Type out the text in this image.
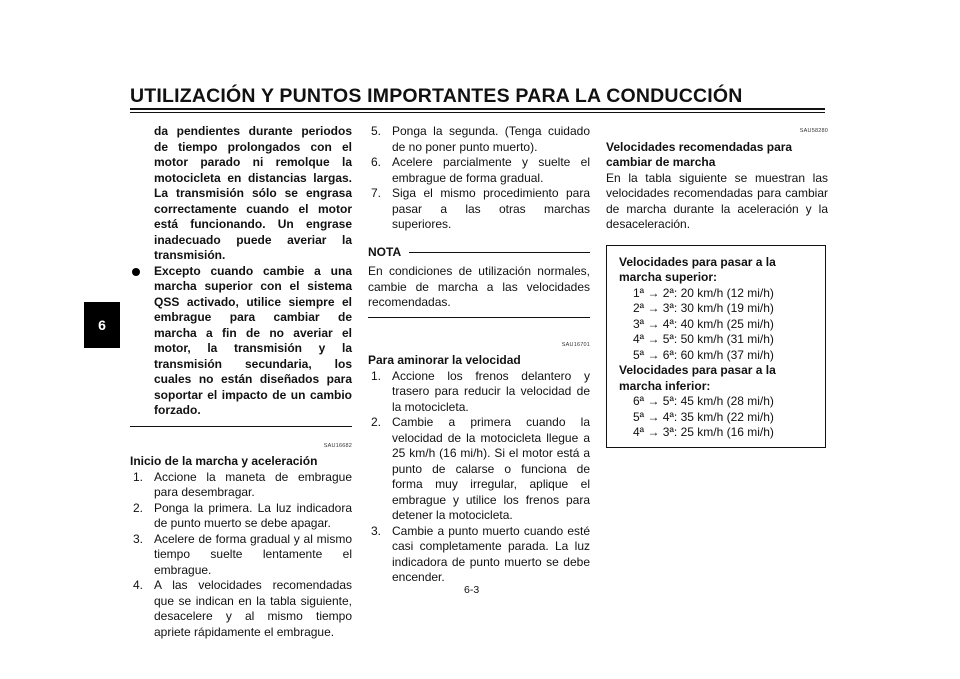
UTILIZACIÓN Y PUNTOS IMPORTANTES PARA LA CONDUCCIÓN
6
da pendientes durante periodos de tiempo prolongados con el motor parado ni remolque la motocicleta en distancias largas. La transmisión sólo se engrasa correctamente cuando el motor está funcionando. Un engrase inadecuado puede averiar la transmisión.
Excepto cuando cambie a una marcha superior con el sistema QSS activado, utilice siempre el embrague para cambiar de marcha a fin de no averiar el motor, la transmisión y la transmisión secundaria, los cuales no están diseñados para soportar el impacto de un cambio forzado.
SAU16682
Inicio de la marcha y aceleración
1. Accione la maneta de embrague para desembragar.
2. Ponga la primera. La luz indicadora de punto muerto se debe apagar.
3. Acelere de forma gradual y al mismo tiempo suelte lentamente el embrague.
4. A las velocidades recomendadas que se indican en la tabla siguiente, desacelere y al mismo tiempo apriete rápidamente el embrague.
5. Ponga la segunda. (Tenga cuidado de no poner punto muerto).
6. Acelere parcialmente y suelte el embrague de forma gradual.
7. Siga el mismo procedimiento para pasar a las otras marchas superiores.
NOTA
En condiciones de utilización normales, cambie de marcha a las velocidades recomendadas.
SAU16701
Para aminorar la velocidad
1. Accione los frenos delantero y trasero para reducir la velocidad de la motocicleta.
2. Cambie a primera cuando la velocidad de la motocicleta llegue a 25 km/h (16 mi/h). Si el motor está a punto de calarse o funciona de forma muy irregular, aplique el embrague y utilice los frenos para detener la motocicleta.
3. Cambie a punto muerto cuando esté casi completamente parada. La luz indicadora de punto muerto se debe encender.
SAU58280
Velocidades recomendadas para cambiar de marcha
En la tabla siguiente se muestran las velocidades recomendadas para cambiar de marcha durante la aceleración y la desaceleración.
Velocidades para pasar a la marcha superior:
1ª → 2ª: 20 km/h (12 mi/h)
2ª → 3ª: 30 km/h (19 mi/h)
3ª → 4ª: 40 km/h (25 mi/h)
4ª → 5ª: 50 km/h (31 mi/h)
5ª → 6ª: 60 km/h (37 mi/h)
Velocidades para pasar a la marcha inferior:
6ª → 5ª: 45 km/h (28 mi/h)
5ª → 4ª: 35 km/h (22 mi/h)
4ª → 3ª: 25 km/h (16 mi/h)
6-3
